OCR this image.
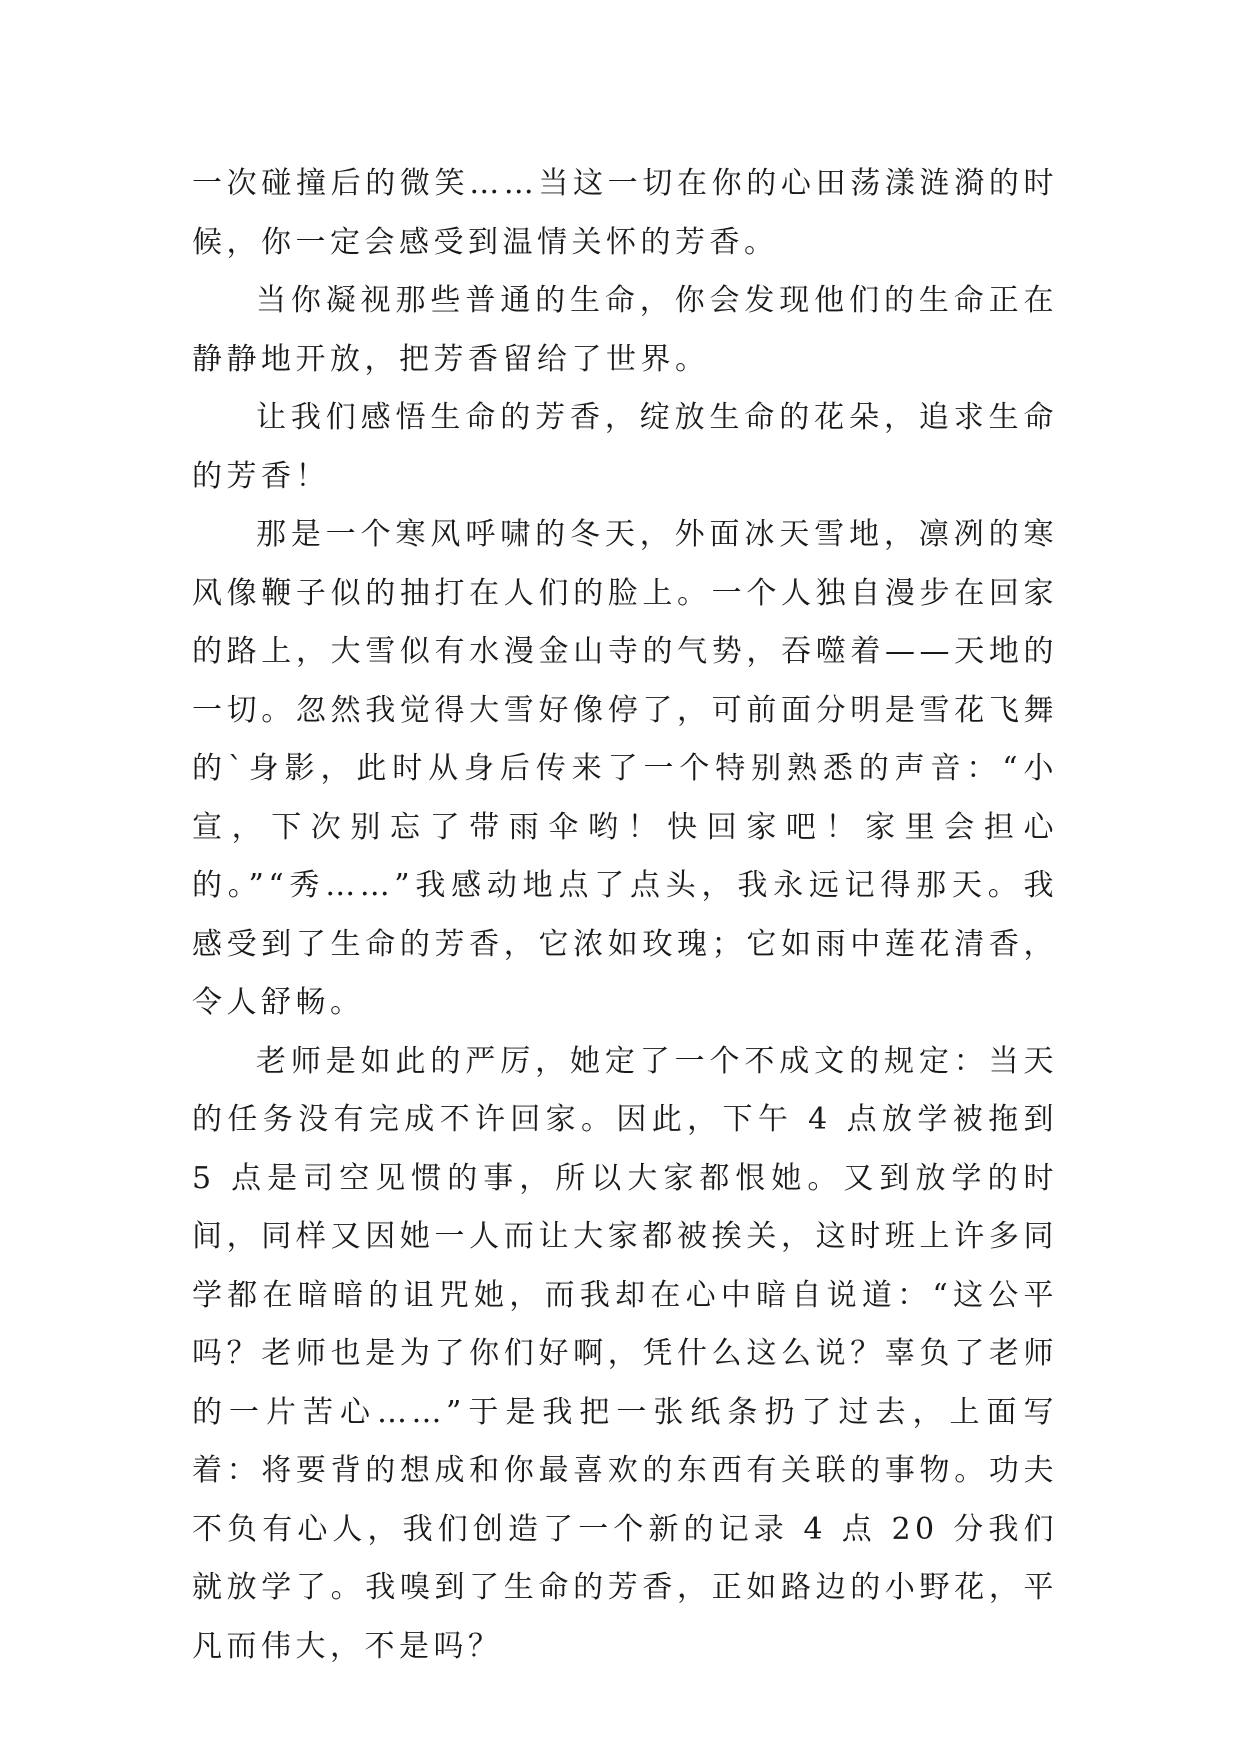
一次碰撞后的微笑……当这一切在你的心田荡漾涟漪的时候，你一定会感受到温情关怀的芳香。

当你凝视那些普通的生命，你会发现他们的生命正在静静地开放，把芳香留给了世界。

让我们感悟生命的芳香，绽放生命的花朵，追求生命的芳香！

那是一个寒风呼啸的冬天，外面冰天雪地，凛冽的寒风像鞭子似的抽打在人们的脸上。一个人独自漫步在回家的路上，大雪似有水漫金山寺的气势，吞噬着——天地的一切。忽然我觉得大雪好像停了，可前面分明是雪花飞舞的`身影，此时从身后传来了一个特别熟悉的声音：“小宣，下次别忘了带雨伞哟！快回家吧！家里会担心的。”“秀……”我感动地点了点头，我永远记得那天。我感受到了生命的芳香，它浓如玫瑰；它如雨中莲花清香，令人舒畅。

老师是如此的严厉，她定了一个不成文的规定：当天的任务没有完成不许回家。因此，下午 4 点放学被拖到 5 点是司空见惯的事，所以大家都恨她。又到放学的时间，同样又因她一人而让大家都被挨关，这时班上许多同学都在暗暗的诅咒她，而我却在心中暗自说道：“这公平吗？老师也是为了你们好啊，凭什么这么说？辜负了老师的一片苦心……”于是我把一张纸条扔了过去，上面写着：将要背的想成和你最喜欢的东西有关联的事物。功夫不负有心人，我们创造了一个新的记录 4 点 20 分我们就放学了。我嗅到了生命的芳香，正如路边的小野花，平凡而伟大，不是吗？
